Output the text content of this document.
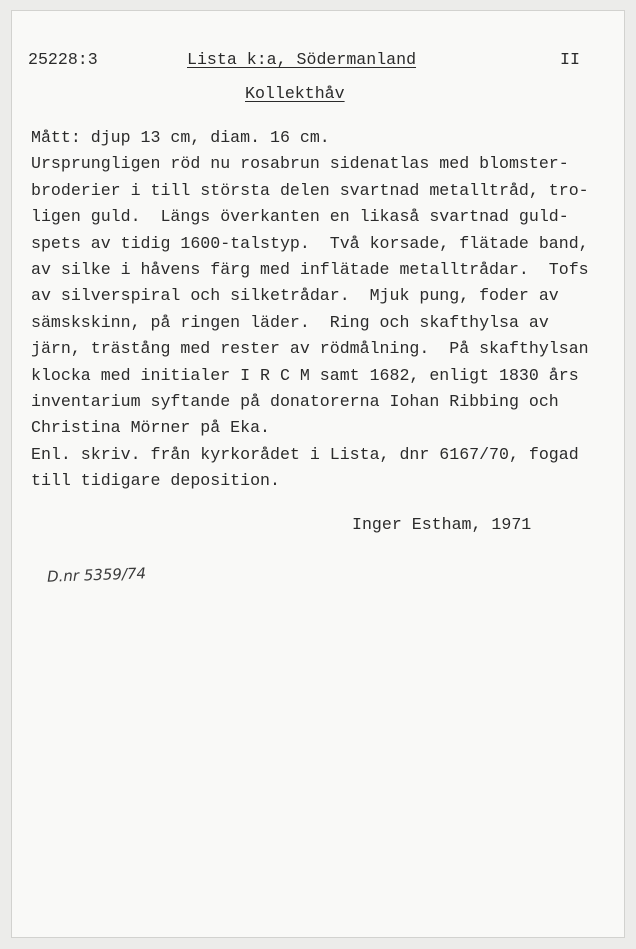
25228:3	Lista k:a, Södermanland	II
Kollekthåv
Mått: djup 13 cm, diam. 16 cm.
Ursprungligen röd nu rosabrun sidenatlas med blomster-
broderier i till största delen svartnad metalltråd, tro-
ligen guld.  Längs överkanten en likaså svartnad guld-
spets av tidig 1600-talstyp.  Två korsade, flätade band,
av silke i håvens färg med inflätade metalltrådar.  Tofs
av silverspiral och silketrådar.  Mjuk pung, foder av
sämskskinn, på ringen läder.  Ring och skafthylsa av
järn, trästång med rester av rödmålning.  På skafthylsan
klocka med initialer I R C M samt 1682, enligt 1830 års
inventarium syftande på donatorerna Iohan Ribbing och
Christina Mörner på Eka.
Enl. skriv. från kyrkorådet i Lista, dnr 6167/70, fogad
till tidigare deposition.
Inger Estham, 1971
D.nr 5359/74
